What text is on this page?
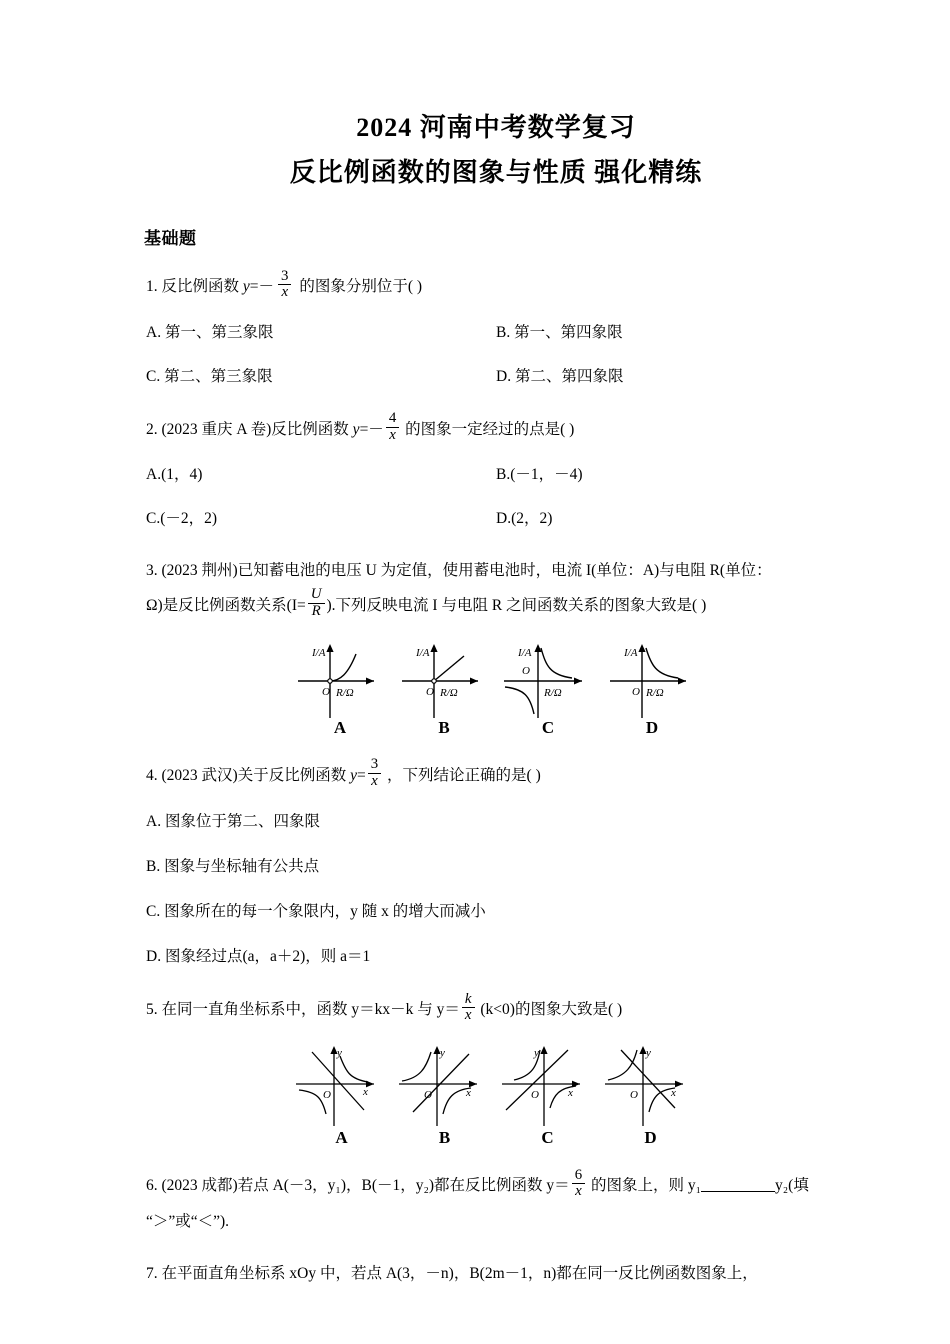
2024 河南中考数学复习
反比例函数的图象与性质 强化精练
基础题
1. 反比例函数 $y=- \frac{3}{x}$ 的图象分别位于( )
A. 第一、第三象限	B. 第一、第四象限
C. 第二、第三象限	D. 第二、第四象限
2. (2023 重庆 A 卷)反比例函数 $y=- \frac{4}{x}$ 的图象一定经过的点是( )
A.(1，4)	B.(－1，－4)
C.(－2，2)	D.(2，2)
3. (2023 荆州)已知蓄电池的电压 U 为定值，使用蓄电池时，电流 I(单位：A)与电阻 R(单位：
Ω)是反比例函数关系($I= \frac{U}{R}$ ).下列反映电流 I 与电阻 R 之间函数关系的图象大致是( )
I/A
O R/Ω
A
I/A
O R/Ω
B
I/A
O
R/Ω
C
I/A
O R/Ω
D
4. (2023 武汉)关于反比例函数 $y= \frac{3}{x}$ ，下列结论正确的是( )
A. 图象位于第二、四象限
B. 图象与坐标轴有公共点
C. 图象所在的每一个象限内，y 随 x 的增大而减小
D. 图象经过点(a，a＋2)，则 a＝1
5. 在同一直角坐标系中，函数 y＝kx－k 与 $y= \frac{k}{x} (k<0)$的图象大致是( )
y
O	x
A
y
O	x
B
y
O	x
C
y
O	x
D
6. (2023 成都)若点 A(－3，y₁)，B(－1，y₂)都在反比例函数 $y= \frac{6}{x}$ 的图象上，则 y₁	y₂(填
“＞”或“＜”).
7. 在平面直角坐标系 xOy 中，若点 A(3，－n)，B(2m－1，n)都在同一反比例函数图象上，
